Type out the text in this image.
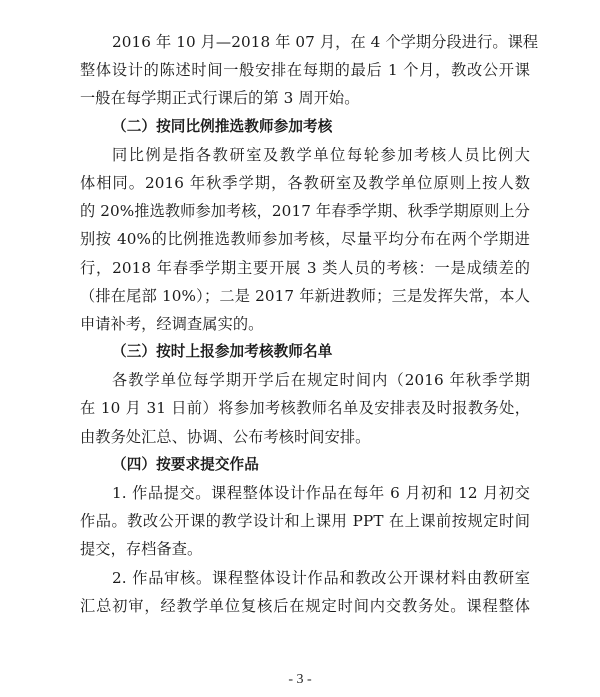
2016 年 10 月—2018 年 07 月，在 4 个学期分段进行。课程
整体设计的陈述时间一般安排在每期的最后 1 个月，教改公开课
一般在每学期正式行课后的第 3 周开始。
（二）按同比例推选教师参加考核
同比例是指各教研室及教学单位每轮参加考核人员比例大
体相同。2016 年秋季学期，各教研室及教学单位原则上按人数
的 20%推选教师参加考核，2017 年春季学期、秋季学期原则上分
别按 40%的比例推选教师参加考核，尽量平均分布在两个学期进
行，2018 年春季学期主要开展 3 类人员的考核：一是成绩差的
（排在尾部 10%）；二是 2017 年新进教师；三是发挥失常，本人
申请补考，经调查属实的。
（三）按时上报参加考核教师名单
各教学单位每学期开学后在规定时间内（2016 年秋季学期
在 10 月 31 日前）将参加考核教师名单及安排表及时报教务处，
由教务处汇总、协调、公布考核时间安排。
（四）按要求提交作品
1. 作品提交。课程整体设计作品在每年 6 月初和 12 月初交
作品。教改公开课的教学设计和上课用 PPT 在上课前按规定时间
提交，存档备查。
2. 作品审核。课程整体设计作品和教改公开课材料由教研室
汇总初审，经教学单位复核后在规定时间内交教务处。课程整体
- 3 -
